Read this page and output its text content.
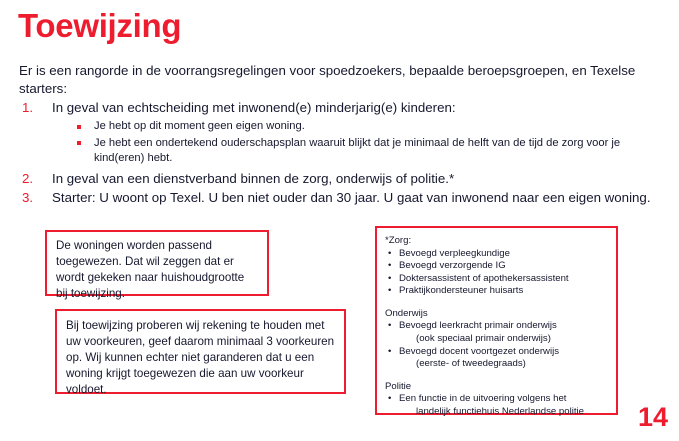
Toewijzing
Er is een rangorde in de voorrangsregelingen voor spoedzoekers, bepaalde beroepsgroepen, en Texelse starters:
1. In geval van echtscheiding met inwonend(e) minderjarig(e) kinderen:
Je hebt op dit moment geen eigen woning.
Je hebt een ondertekend ouderschapsplan waaruit blijkt dat je minimaal de helft van de tijd de zorg voor je kind(eren) hebt.
2. In geval van een dienstverband binnen de zorg, onderwijs of politie.*
3. Starter: U woont op Texel. U ben niet ouder dan 30 jaar. U gaat van inwonend naar een eigen woning.
De woningen worden passend toegewezen. Dat wil zeggen dat er wordt gekeken naar huishoudgrootte bij toewijzing.
Bij toewijzing proberen wij rekening te houden met uw voorkeuren, geef daarom minimaal 3 voorkeuren op. Wij kunnen echter niet garanderen dat u een woning krijgt toegewezen die aan uw voorkeur voldoet.

*Zorg:

• Bevoegd verpleegkundige
• Bevoegd verzorgende IG
• Doktersassistent of apothekersassistent
• Praktijkondersteuner huisarts

Onderwijs

• Bevoegd leerkracht primair onderwijs
(ook speciaal primair onderwijs)
• Bevoegd docent voortgezet onderwijs
(eerste- of tweedegraads)

Politie

• Een functie in de uitvoering volgens het
landelijk functiehuis Nederlandse politie	14
